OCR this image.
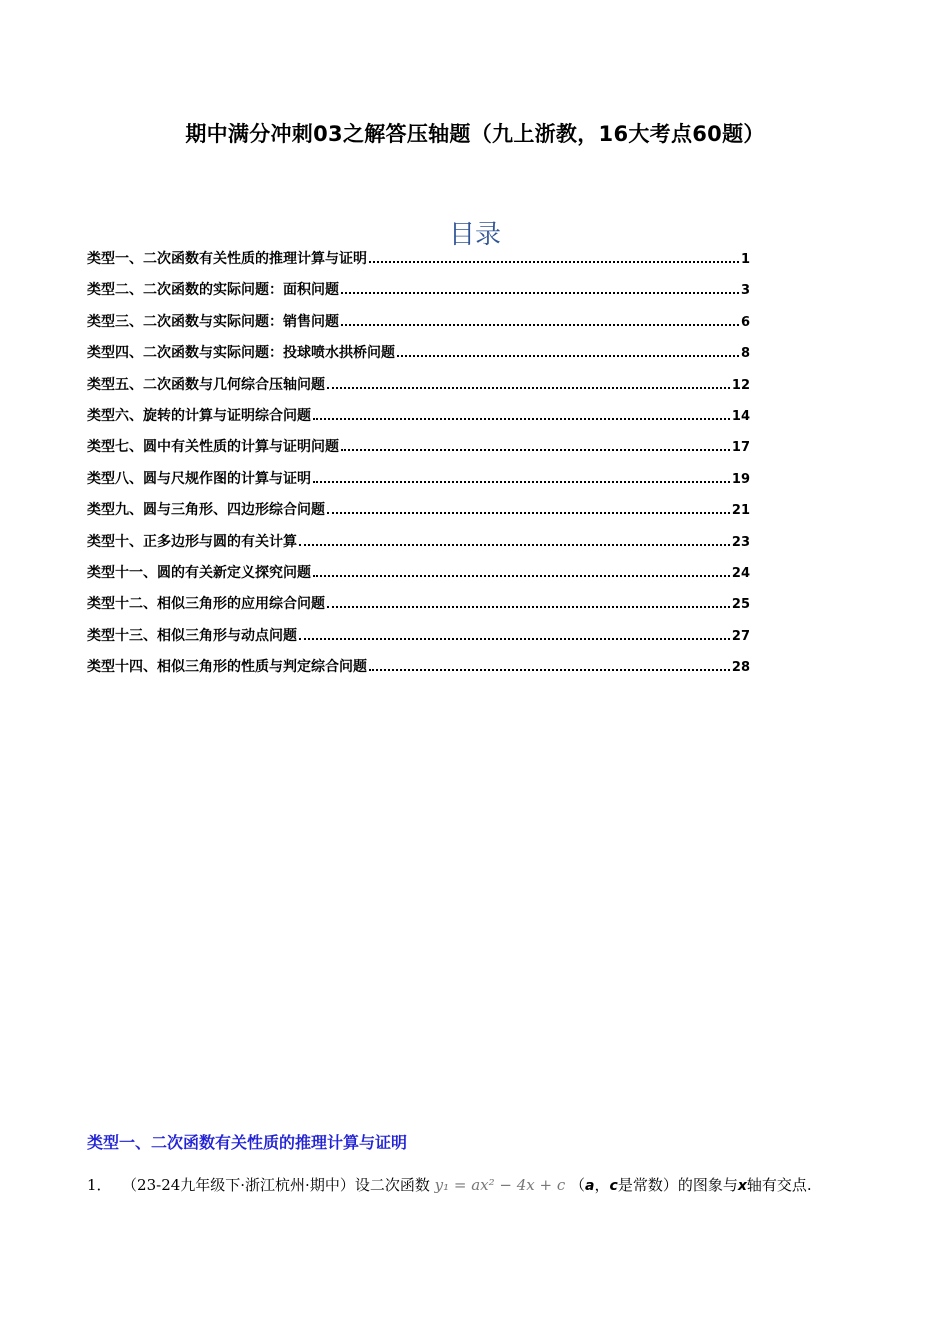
期中满分冲刺03之解答压轴题（九上浙教，16大考点60题）
目录
类型一、二次函数有关性质的推理计算与证明	1
类型二、二次函数的实际问题：面积问题	3
类型三、二次函数与实际问题：销售问题	6
类型四、二次函数与实际问题：投球喷水拱桥问题	8
类型五、二次函数与几何综合压轴问题	12
类型六、旋转的计算与证明综合问题	14
类型七、圆中有关性质的计算与证明问题	17
类型八、圆与尺规作图的计算与证明	19
类型九、圆与三角形、四边形综合问题	21
类型十、正多边形与圆的有关计算	23
类型十一、圆的有关新定义探究问题	24
类型十二、相似三角形的应用综合问题	25
类型十三、相似三角形与动点问题	27
类型十四、相似三角形的性质与判定综合问题	28
类型一、二次函数有关性质的推理计算与证明
1． （23-24九年级下·浙江杭州·期中）设二次函数 y₁ = ax² − 4x + c （a，c是常数）的图象与x轴有交点.
